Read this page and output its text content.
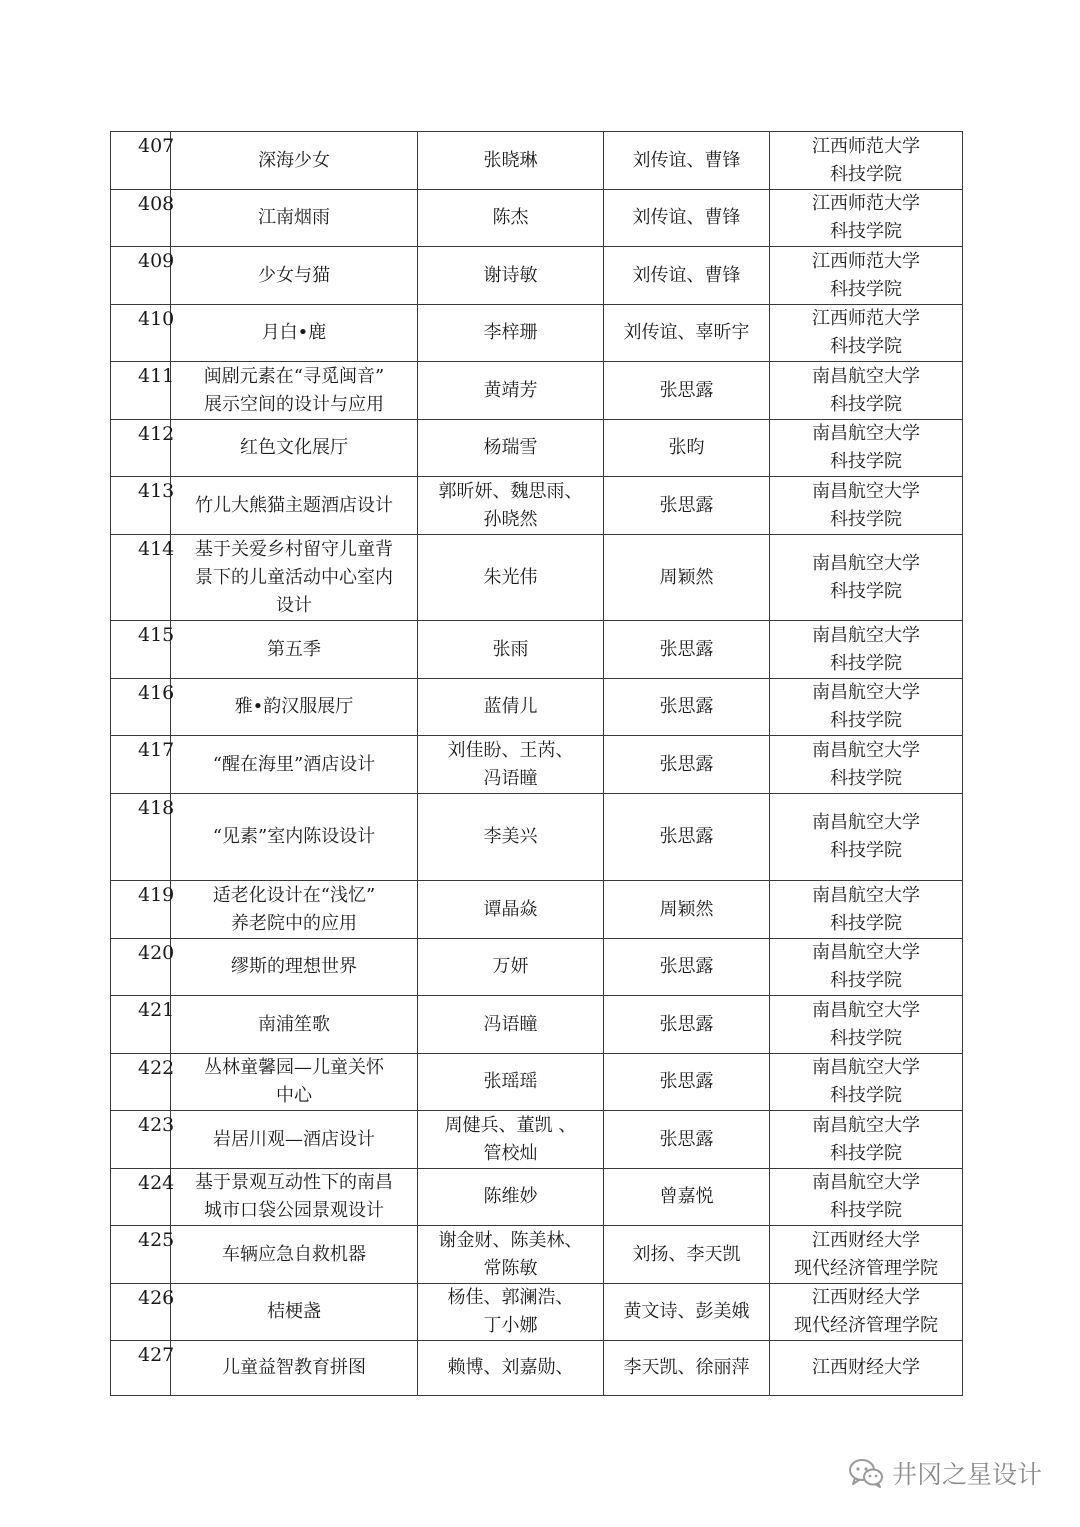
407	深海少女	张晓琳	刘传谊、曹锋	江西师范大学
科技学院
408	江南烟雨	陈杰	刘传谊、曹锋	江西师范大学
科技学院
409	少女与猫	谢诗敏	刘传谊、曹锋	江西师范大学
科技学院
410	月白•鹿	李梓珊	刘传谊、辜昕宇	江西师范大学
科技学院
411	闽剧元素在“寻觅闽音”
展示空间的设计与应用	黄靖芳	张思露	南昌航空大学
科技学院
412	红色文化展厅	杨瑞雪	张昀	南昌航空大学
科技学院
413	竹儿大熊猫主题酒店设计	郭昕妍、魏思雨、
孙晓然	张思露	南昌航空大学
科技学院
414	基于关爱乡村留守儿童背
景下的儿童活动中心室内
设计	朱光伟	周颖然	南昌航空大学
科技学院
415	第五季	张雨	张思露	南昌航空大学
科技学院
416	雅•韵汉服展厅	蓝倩儿	张思露	南昌航空大学
科技学院
417	“醒在海里”酒店设计	刘佳盼、王芮、
冯语瞳	张思露	南昌航空大学
科技学院
418	“见素”室内陈设设计	李美兴	张思露	南昌航空大学
科技学院
419	适老化设计在“浅忆”
养老院中的应用	谭晶焱	周颖然	南昌航空大学
科技学院
420	缪斯的理想世界	万妍	张思露	南昌航空大学
科技学院
421	南浦笙歌	冯语瞳	张思露	南昌航空大学
科技学院
422	丛林童馨园—儿童关怀
中心	张瑶瑶	张思露	南昌航空大学
科技学院
423	岩居川观—酒店设计	周健兵、董凯 、
管校灿	张思露	南昌航空大学
科技学院
424	基于景观互动性下的南昌
城市口袋公园景观设计	陈维妙	曾嘉悦	南昌航空大学
科技学院
425	车辆应急自救机器	谢金财、陈美林、
常陈敏	刘扬、李天凯	江西财经大学
现代经济管理学院
426	桔梗盏	杨佳、郭澜浩、
丁小娜	黄文诗、彭美娥	江西财经大学
现代经济管理学院
427	儿童益智教育拼图	赖博、刘嘉勋、	李天凯、徐丽萍	江西财经大学
井冈之星设计
